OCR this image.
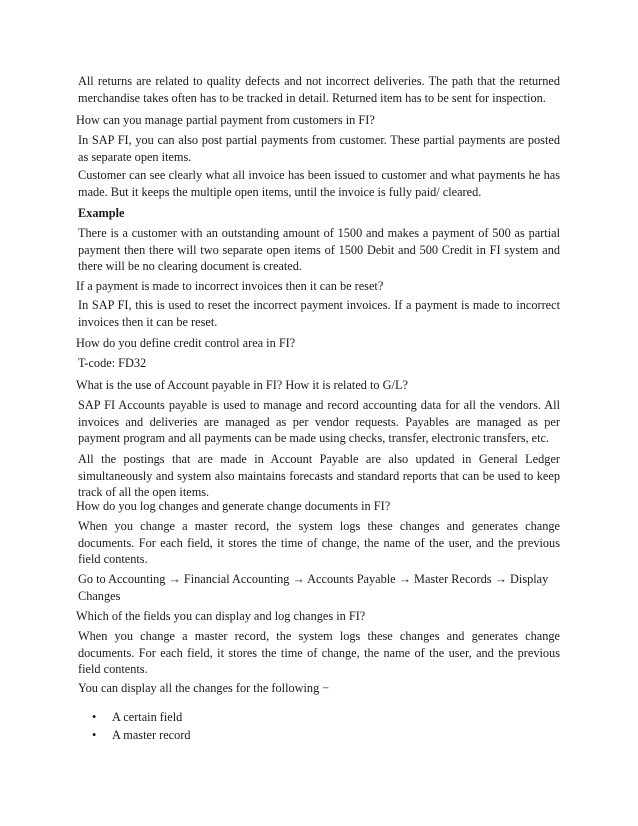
All returns are related to quality defects and not incorrect deliveries. The path that the returned merchandise takes often has to be tracked in detail. Returned item has to be sent for inspection.

How can you manage partial payment from customers in FI?

In SAP FI, you can also post partial payments from customer. These partial payments are posted as separate open items.

Customer can see clearly what all invoice has been issued to customer and what payments he has made. But it keeps the multiple open items, until the invoice is fully paid/ cleared.

Example

There is a customer with an outstanding amount of 1500 and makes a payment of 500 as partial payment then there will two separate open items of 1500 Debit and 500 Credit in FI system and there will be no clearing document is created.

If a payment is made to incorrect invoices then it can be reset?

In SAP FI, this is used to reset the incorrect payment invoices. If a payment is made to incorrect invoices then it can be reset.

How do you define credit control area in FI?

T-code: FD32

What is the use of Account payable in FI? How it is related to G/L?

SAP FI Accounts payable is used to manage and record accounting data for all the vendors. All invoices and deliveries are managed as per vendor requests. Payables are managed as per payment program and all payments can be made using checks, transfer, electronic transfers, etc.

All the postings that are made in Account Payable are also updated in General Ledger simultaneously and system also maintains forecasts and standard reports that can be used to keep track of all the open items.

How do you log changes and generate change documents in FI?

When you change a master record, the system logs these changes and generates change documents. For each field, it stores the time of change, the name of the user, and the previous field contents.

Go to Accounting → Financial Accounting → Accounts Payable → Master Records → Display Changes

Which of the fields you can display and log changes in FI?

When you change a master record, the system logs these changes and generates change documents. For each field, it stores the time of change, the name of the user, and the previous field contents.

You can display all the changes for the following −

• A certain field
• A master record
